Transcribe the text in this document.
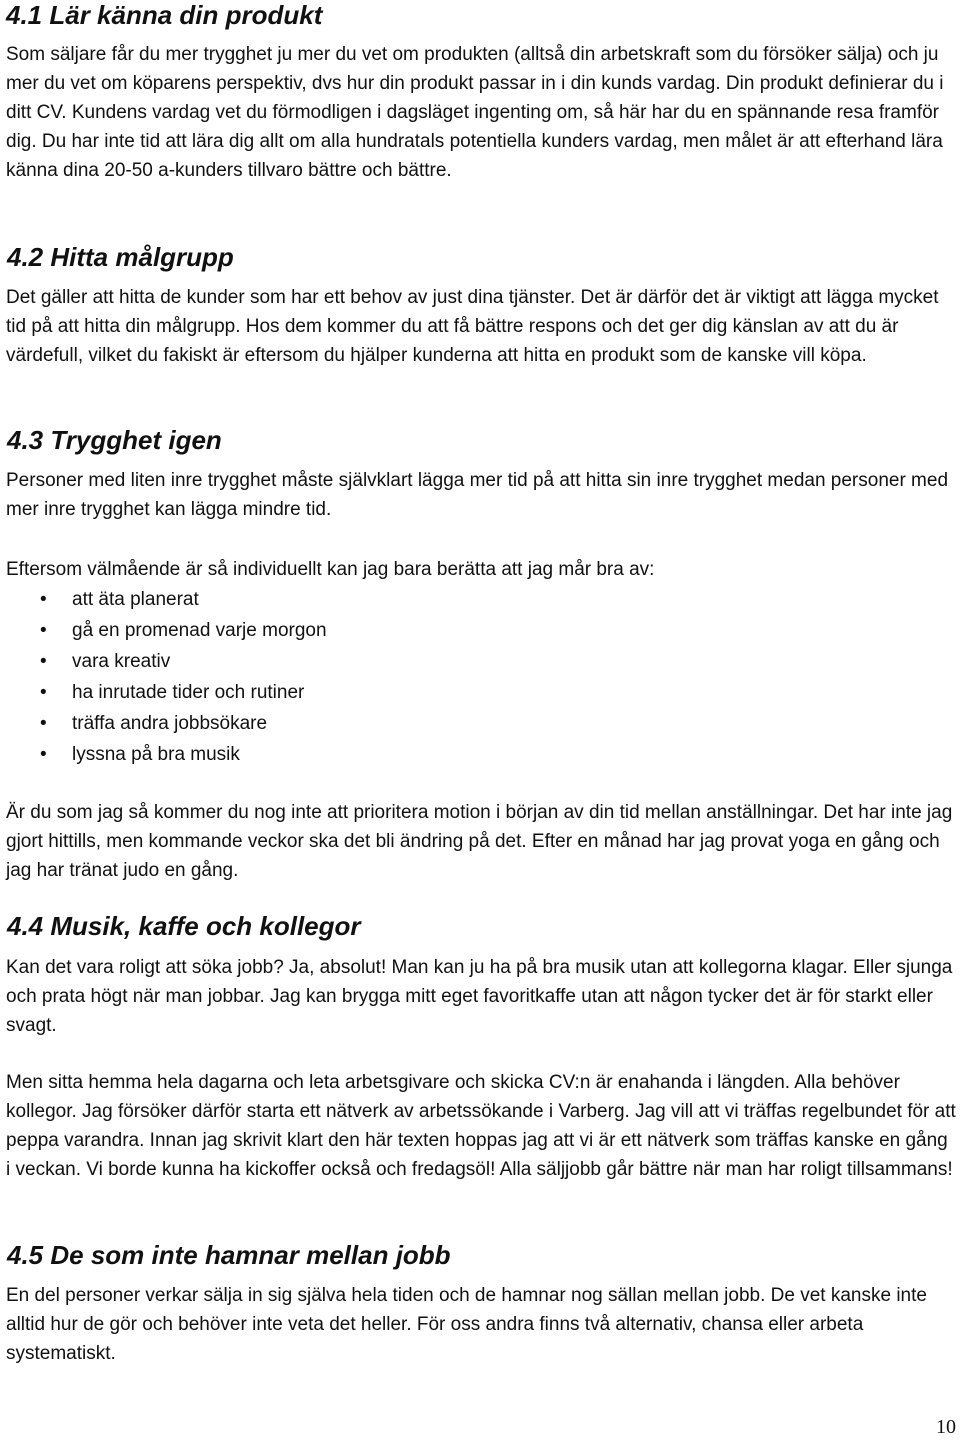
4.1 Lär känna din produkt

Som säljare får du mer trygghet ju mer du vet om produkten (alltså din arbetskraft som du försöker sälja) och ju mer du vet om köparens perspektiv, dvs hur din produkt passar in i din kunds vardag. Din produkt definierar du i ditt CV. Kundens vardag vet du förmodligen i dagsläget ingenting om, så här har du en spännande resa framför dig. Du har inte tid att lära dig allt om alla hundratals potentiella kunders vardag, men målet är att efterhand lära känna dina 20-50 a-kunders tillvaro bättre och bättre.

4.2 Hitta målgrupp

Det gäller att hitta de kunder som har ett behov av just dina tjänster. Det är därför det är viktigt att lägga mycket tid på att hitta din målgrupp. Hos dem kommer du att få bättre respons och det ger dig känslan av att du är värdefull, vilket du fakiskt är eftersom du hjälper kunderna att hitta en produkt som de kanske vill köpa.

4.3 Trygghet igen

Personer med liten inre trygghet måste självklart lägga mer tid på att hitta sin inre trygghet medan personer med mer inre trygghet kan lägga mindre tid.

Eftersom välmående är så individuellt kan jag bara berätta att jag mår bra av:

•	att äta planerat
•	gå en promenad varje morgon
•	vara kreativ
•	ha inrutade tider och rutiner
•	träffa andra jobbsökare
•	lyssna på bra musik

Är du som jag så kommer du nog inte att prioritera motion i början av din tid mellan anställningar. Det har inte jag gjort hittills, men kommande veckor ska det bli ändring på det. Efter en månad har jag provat yoga en gång och jag har tränat judo en gång.

4.4 Musik, kaffe och kollegor

Kan det vara roligt att söka jobb? Ja, absolut! Man kan ju ha på bra musik utan att kollegorna klagar. Eller sjunga och prata högt när man jobbar. Jag kan brygga mitt eget favoritkaffe utan att någon tycker det är för starkt eller svagt.

Men sitta hemma hela dagarna och leta arbetsgivare och skicka CV:n är enahanda i längden. Alla behöver kollegor. Jag försöker därför starta ett nätverk av arbetssökande i Varberg. Jag vill att vi träffas regelbundet för att peppa varandra. Innan jag skrivit klart den här texten hoppas jag att vi är ett nätverk som träffas kanske en gång i veckan. Vi borde kunna ha kickoffer också och fredagsöl! Alla säljjobb går bättre när man har roligt tillsammans!

4.5 De som inte hamnar mellan jobb

En del personer verkar sälja in sig själva hela tiden och de hamnar nog sällan mellan jobb. De vet kanske inte alltid hur de gör och behöver inte veta det heller. För oss andra finns två alternativ, chansa eller arbeta systematiskt.

10
